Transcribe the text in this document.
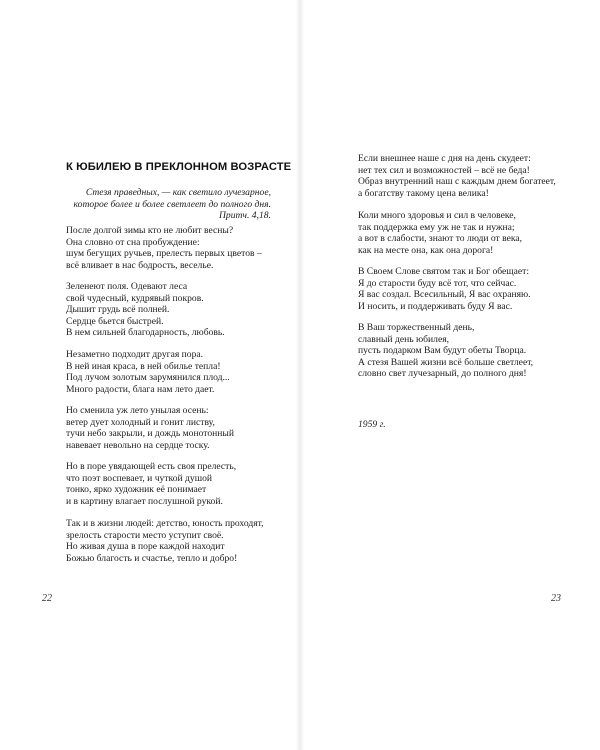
К ЮБИЛЕЮ В ПРЕКЛОННОМ ВОЗРАСТЕ
Стезя праведных, — как светило лучезарное,
которое более и более светлеет до полного дня.
Притч. 4,18.
После долгой зимы кто не любит весны?
Она словно от сна пробуждение:
шум бегущих ручьев, прелесть первых цветов –
всё вливает в нас бодрость, веселье.
Зеленеют поля. Одевают леса
свой чудесный, кудрявый покров.
Дышит грудь всё полней.
Сердце бьется быстрей.
В нем сильней благодарность, любовь.
Незаметно подходит другая пора.
В ней иная краса, в ней обилье тепла!
Под лучом золотым зарумянился плод...
Много радости, блага нам лето дает.
Но сменила уж лето унылая осень:
ветер дует холодный и гонит листву,
тучи небо закрыли, и дождь монотонный
навевает невольно на сердце тоску.
Но в поре увядающей есть своя прелесть,
что поэт воспевает, и чуткой душой
тонко, ярко художник её понимает
и в картину влагает послушной рукой.
Так и в жизни людей: детство, юность проходят,
зрелость старости место уступит своё.
Но живая душа в поре каждой находит
Божью благость и счастье, тепло и добро!
22
Если внешнее наше с дня на день скудеет:
нет тех сил и возможностей – всё не беда!
Образ внутренний наш с каждым днем богатеет,
а богатству такому цена велика!
Коли много здоровья и сил в человеке,
так поддержка ему уж не так и нужна;
а вот в слабости, знают то люди от века,
как на месте она, как она дорога!
В Своем Слове святом так и Бог обещает:
Я до старости буду всё тот, что сейчас.
Я вас создал. Всесильный, Я вас охраняю.
И носить, и поддерживать буду Я вас.
В Ваш торжественный день,
славный день юбилея,
пусть подарком Вам будут обеты Творца.
А стезя Вашей жизни всё больше светлеет,
словно свет лучезарный, до полного дня!
1959 г.
23
